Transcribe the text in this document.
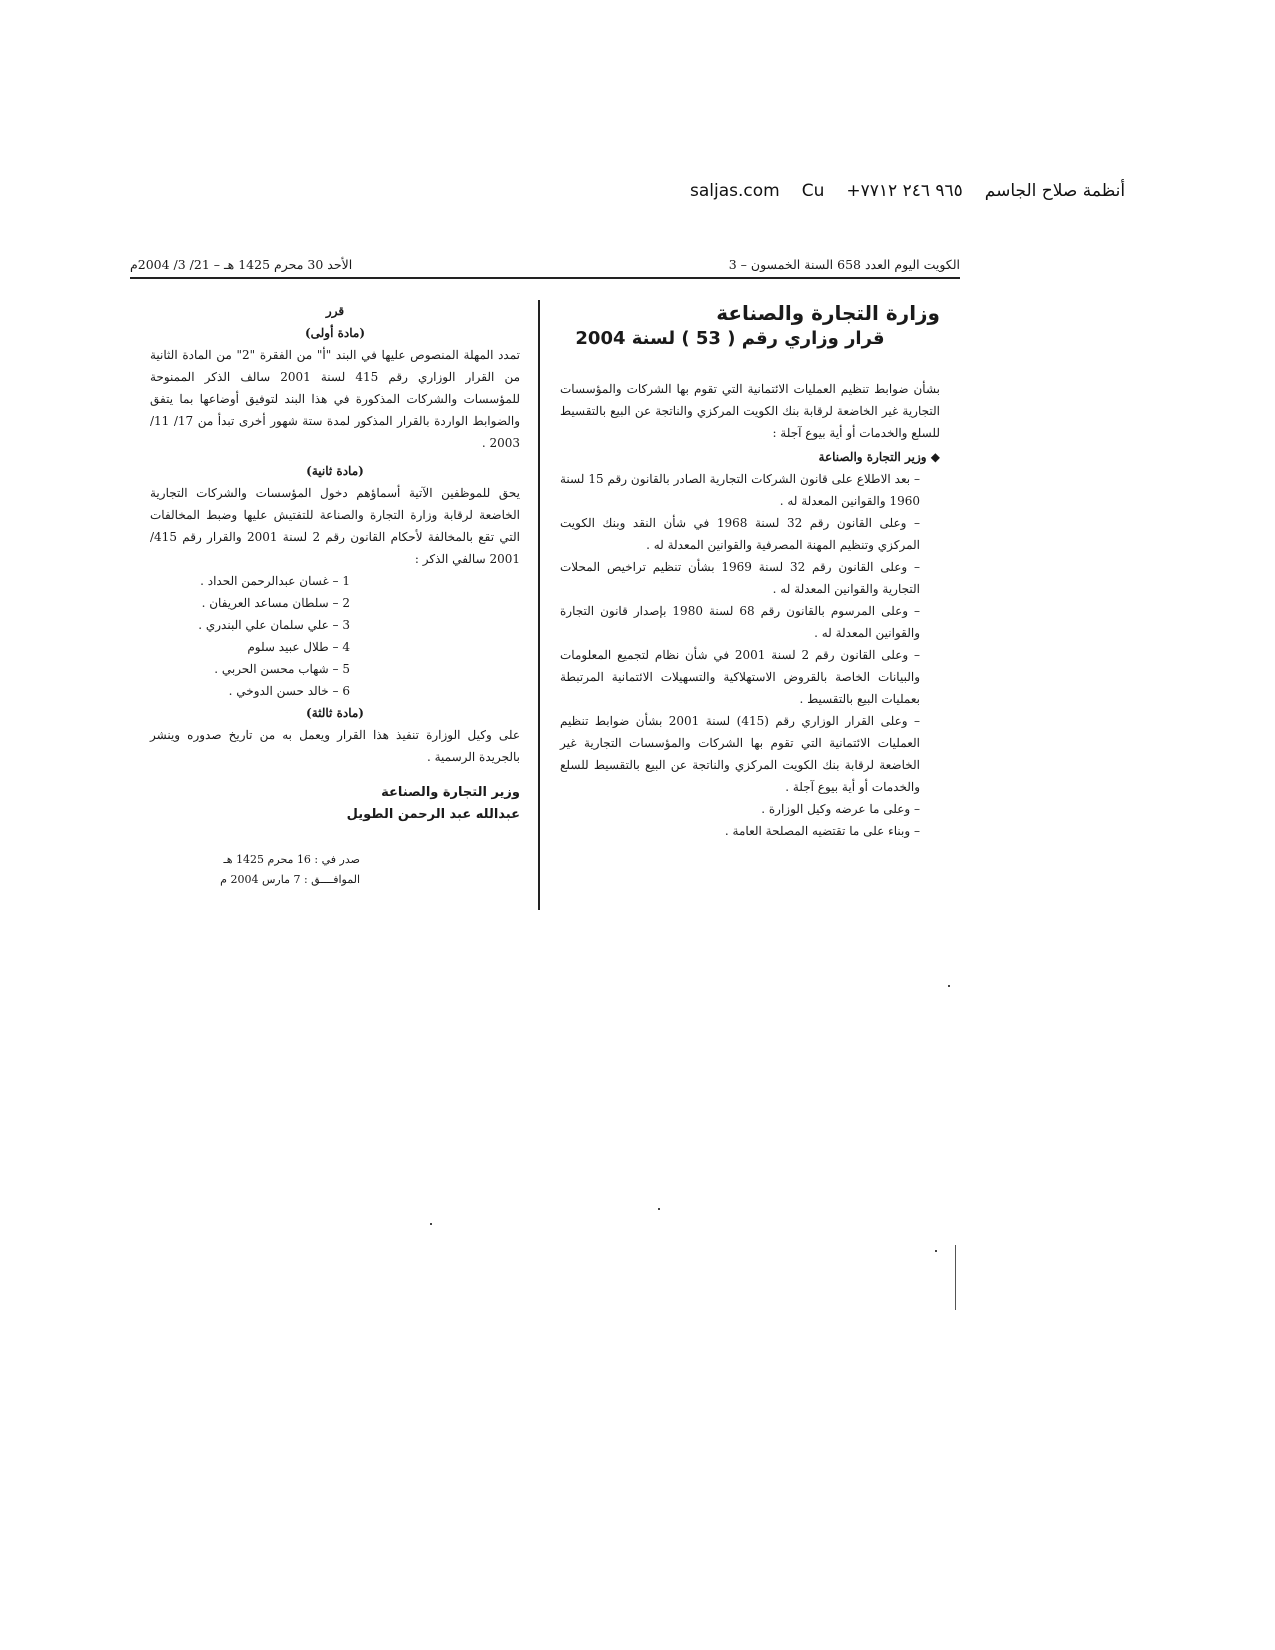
saljas.com Cu +٩٦٥ ٢٤٦ ٧٧١٢ أنظمة صلاح الجاسم
الكويت اليوم العدد 658 السنة الخمسون – 3
الأحد 30 محرم 1425 هـ – 21/ 3/ 2004م

وزارة التجارة والصناعة

قرار وزاري رقم ( 53 ) لسنة 2004

بشأن ضوابط تنظيم العمليات الائتمانية التي تقوم بها الشركات والمؤسسات التجارية غير الخاضعة لرقابة بنك الكويت المركزي والناتجة عن البيع بالتقسيط للسلع والخدمات أو أية بيوع آجلة :

◆ وزير التجارة والصناعة

– بعد الاطلاع على قانون الشركات التجارية الصادر بالقانون رقم 15 لسنة 1960 والقوانين المعدلة له .

– وعلى القانون رقم 32 لسنة 1968 في شأن النقد وبنك الكويت المركزي وتنظيم المهنة المصرفية والقوانين المعدلة له .

– وعلى القانون رقم 32 لسنة 1969 بشأن تنظيم تراخيص المحلات التجارية والقوانين المعدلة له .

– وعلى المرسوم بالقانون رقم 68 لسنة 1980 بإصدار قانون التجارة والقوانين المعدلة له .

– وعلى القانون رقم 2 لسنة 2001 في شأن نظام لتجميع المعلومات والبيانات الخاصة بالقروض الاستهلاكية والتسهيلات الائتمانية المرتبطة بعمليات البيع بالتقسيط .

– وعلى القرار الوزاري رقم (415) لسنة 2001 بشأن ضوابط تنظيم العمليات الائتمانية التي تقوم بها الشركات والمؤسسات التجارية غير الخاضعة لرقابة بنك الكويت المركزي والناتجة عن البيع بالتقسيط للسلع والخدمات أو أية بيوع آجلة .

– وعلى ما عرضه وكيل الوزارة .

– وبناء على ما تقتضيه المصلحة العامة .

قرر

(مادة أولى)

تمدد المهلة المنصوص عليها في البند "أ" من الفقرة "2" من المادة الثانية من القرار الوزاري رقم 415 لسنة 2001 سالف الذكر الممنوحة للمؤسسات والشركات المذكورة في هذا البند لتوفيق أوضاعها بما يتفق والضوابط الواردة بالقرار المذكور لمدة ستة شهور أخرى تبدأ من 17/ 11/ 2003 .

(مادة ثانية)

يحق للموظفين الآتية أسماؤهم دخول المؤسسات والشركات التجارية الخاضعة لرقابة وزارة التجارة والصناعة للتفتيش عليها وضبط المخالفات التي تقع بالمخالفة لأحكام القانون رقم 2 لسنة 2001 والقرار رقم 415/ 2001 سالفي الذكر :

1 – غسان عبدالرحمن الحداد .
2 – سلطان مساعد العريفان .
3 – علي سلمان علي البندري .
4 – طلال عبيد سلوم
5 – شهاب محسن الحربي .
6 – خالد حسن الدوخي .

(مادة ثالثة)

على وكيل الوزارة تنفيذ هذا القرار ويعمل به من تاريخ صدوره وينشر بالجريدة الرسمية .

وزير التجارة والصناعة
عبدالله عبد الرحمن الطويل
صدر في : 16 محرم 1425 هـ
الموافــــق : 7 مارس 2004 م
